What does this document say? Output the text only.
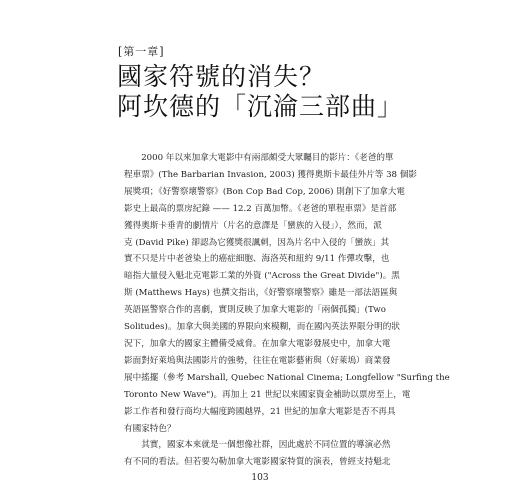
[第一章]
國家符號的消失？
阿坎德的「沉淪三部曲」
　　2000 年以來加拿大電影中有兩部頗受大眾矚目的影片：《老爸的單
程車票》(The Barbarian Invasion, 2003) 獲得奧斯卡最佳外片等 38 個影
展獎項；《好警察壞警察》(Bon Cop Bad Cop, 2006) 則創下了加拿大電
影史上最高的票房紀錄 —— 12.2 百萬加幣。《老爸的單程車票》是首部
獲得奧斯卡垂青的劇情片（片名的意譯是「蠻族的入侵」），然而，派
克 (David Pike) 卻認為它獲獎很諷刺，因為片名中入侵的「蠻族」其
實不只是片中老爸染上的癌症細胞、海洛英和紐約 9/11 作彈攻擊，也
暗指大量侵入魁北克電影工業的外資 ("Across the Great Divide")。黑
斯 (Matthews Hays) 也撰文指出，《好警察壞警察》雖是一部法語區與
英語區警察合作的喜劇，實則反映了加拿大電影的「兩個孤獨」(Two
Solitudes)。加拿大與美國的界限向來模糊，而在國內英法界限分明的狀
況下，加拿大的國家主體備受威脅。在加拿大電影發展史中，加拿大電
影面對好萊塢與法國影片的強勢，往往在電影藝術與（好萊塢）商業發
展中搖擺（參考 Marshall, Quebec National Cinema; Longfellow "Surfing the
Toronto New Wave")。再加上 21 世紀以來國家資金補助以票房至上，電
影工作者和發行商均大幅度跨國越界，21 世紀的加拿大電影是否不再具
有國家特色？
　　其實，國家本來就是一個想像社群，因此處於不同位置的導演必然
有不同的看法。但若要勾勒加拿大電影國家特質的演表，曾經支持魁北
103
